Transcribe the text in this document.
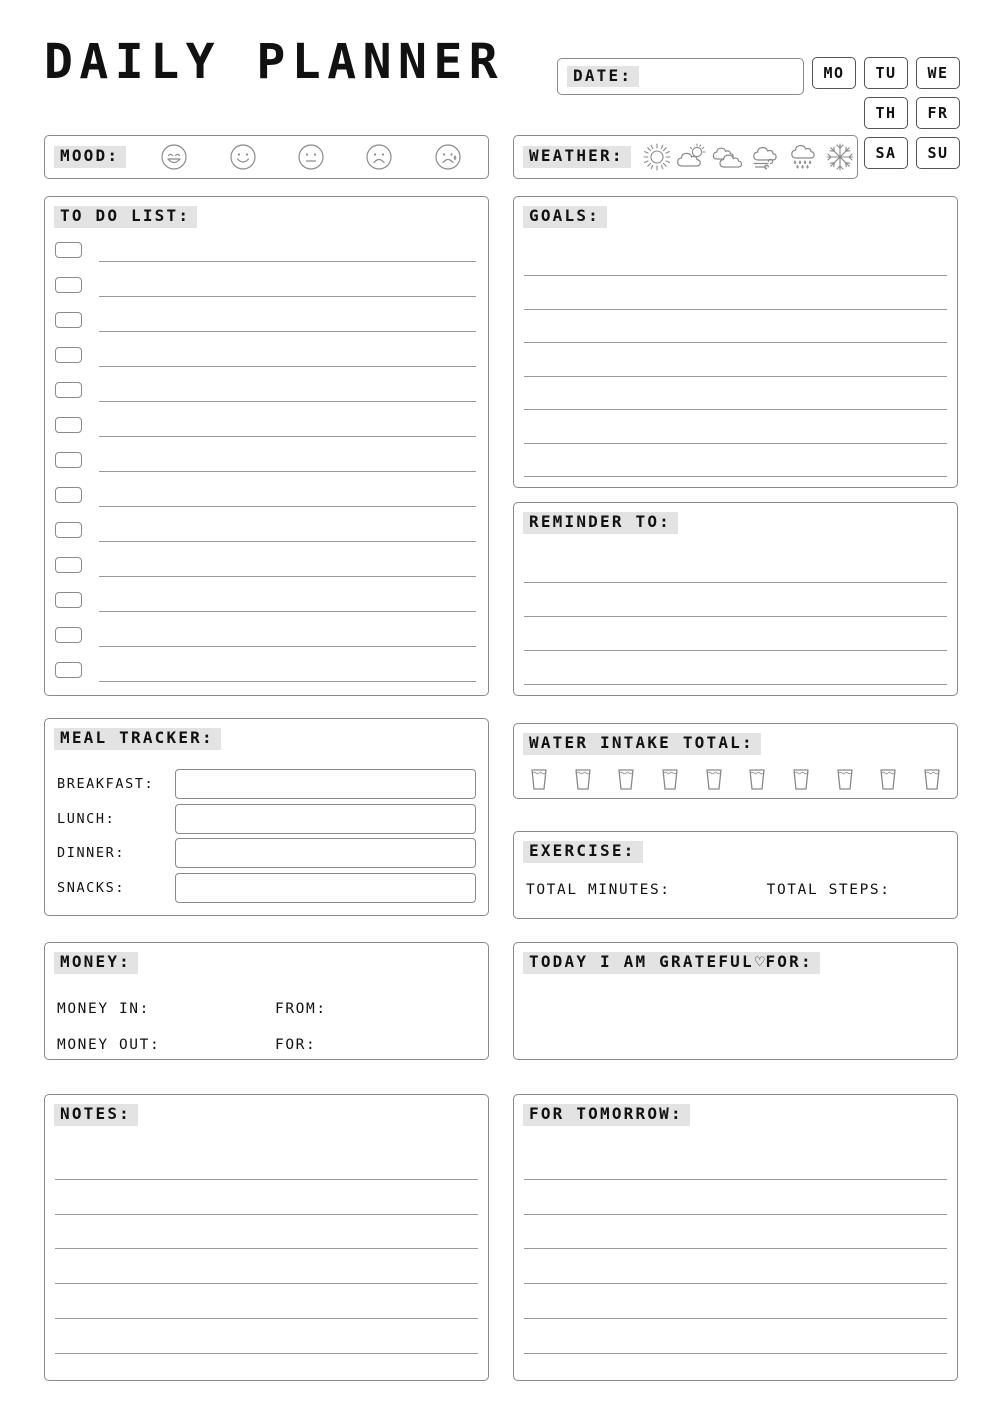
DAILY PLANNER	DATE:	MO	TU	WE
TH	FR
SA	SU
MOOD:	WEATHER:
TO DO LIST:
MEAL TRACKER:
BREAKFAST:
LUNCH:
DINNER:
SNACKS:
MONEY:
MONEY IN:	FROM:
MONEY OUT:	FOR:
NOTES:
GOALS:
REMINDER TO:
WATER INTAKE TOTAL:
EXERCISE:
TOTAL MINUTES:	TOTAL STEPS:
TODAY I AM GRATEFUL♡FOR:
FOR TOMORROW:
